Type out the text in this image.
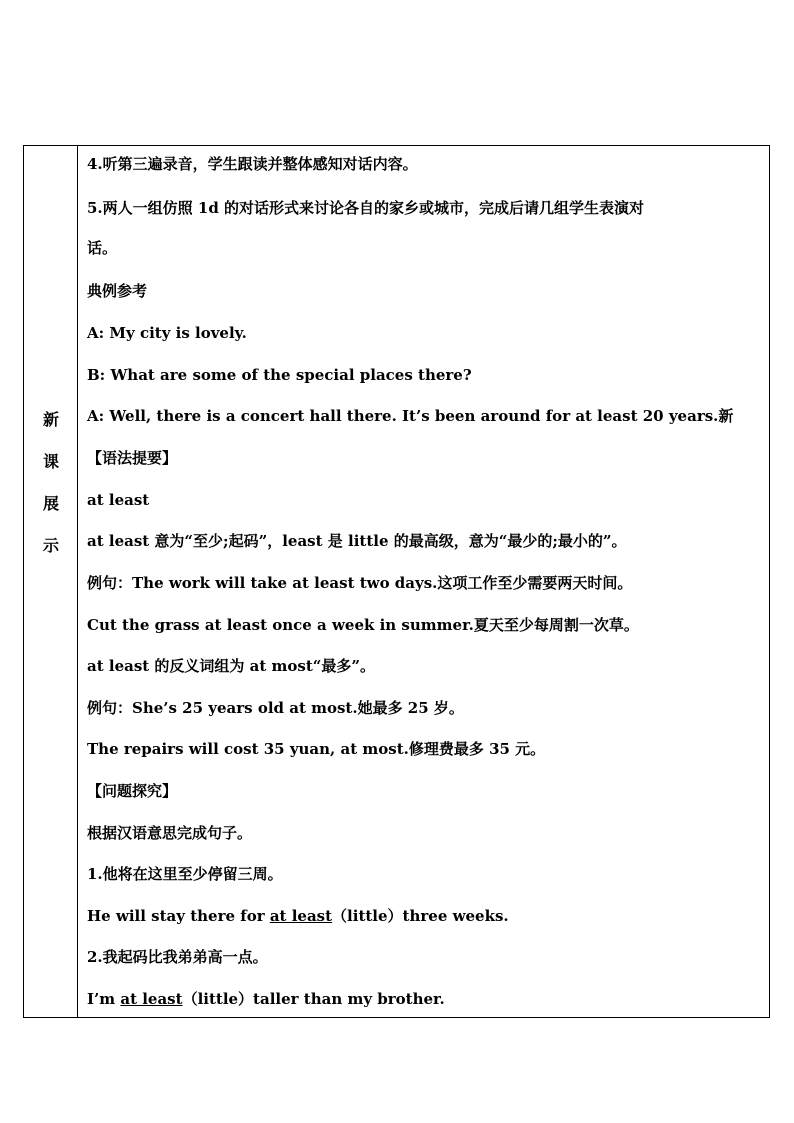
新
课
展
示
4.听第三遍录音，学生跟读并整体感知对话内容。
5.两人一组仿照 1d 的对话形式来讨论各自的家乡或城市，完成后请几组学生表演对
话。
典例参考
A: My city is lovely.
B: What are some of the special places there?
A: Well, there is a concert hall there. It’s been around for at least 20 years.新
【语法提要】
at least
at least 意为“至少;起码”，least 是 little 的最高级，意为“最少的;最小的”。
例句：The work will take at least two days.这项工作至少需要两天时间。
Cut the grass at least once a week in summer.夏天至少每周割一次草。
at least 的反义词组为 at most“最多”。
例句：She’s 25 years old at most.她最多 25 岁。
The repairs will cost 35 yuan, at most.修理费最多 35 元。
【问题探究】
根据汉语意思完成句子。
1.他将在这里至少停留三周。
He will stay there for at least（little）three weeks.
2.我起码比我弟弟高一点。
I’m at least（little）taller than my brother.
